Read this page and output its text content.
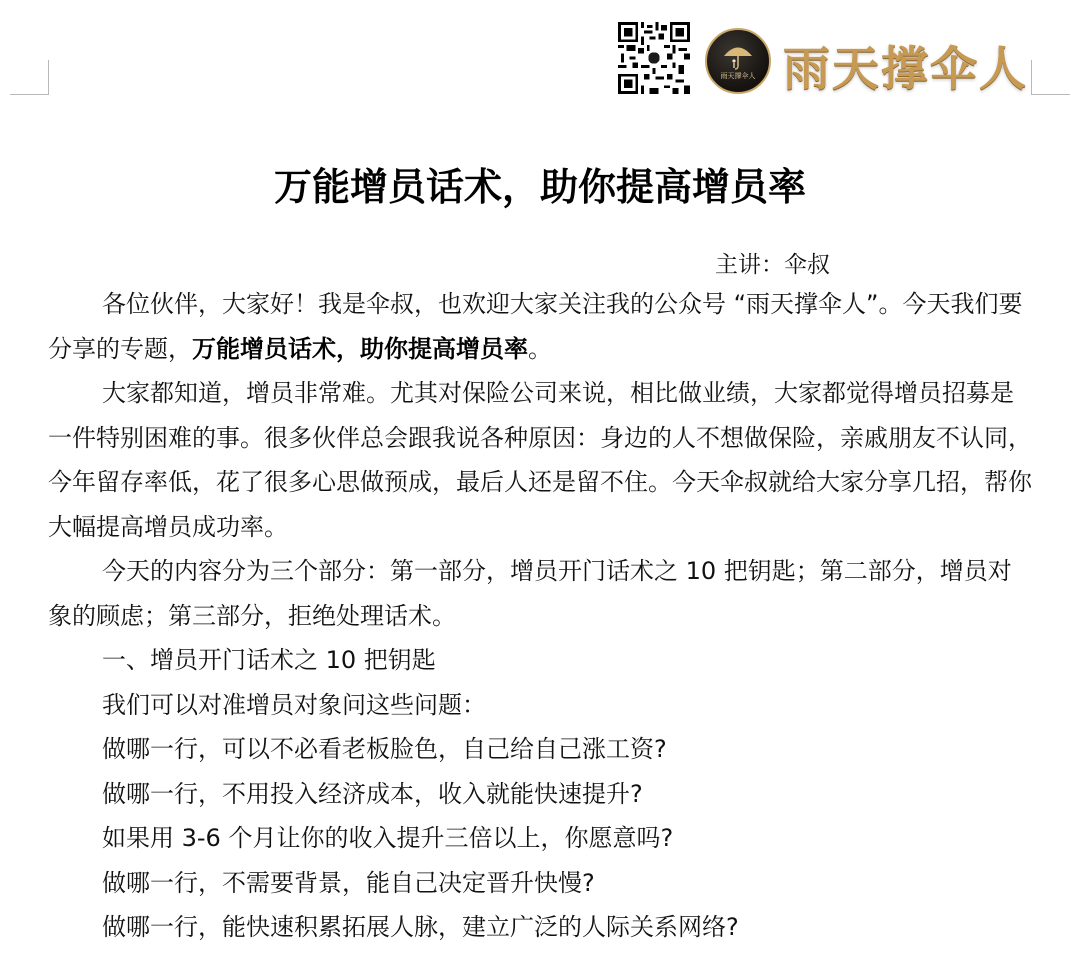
雨天撑伞人 雨天撑伞人
万能增员话术，助你提高增员率
主讲：伞叔

各位伙伴，大家好！我是伞叔，也欢迎大家关注我的公众号 “雨天撑伞人”。今天我们要分享的专题，万能增员话术，助你提高增员率。

大家都知道，增员非常难。尤其对保险公司来说，相比做业绩，大家都觉得增员招募是一件特别困难的事。很多伙伴总会跟我说各种原因：身边的人不想做保险，亲戚朋友不认同，今年留存率低，花了很多心思做预成，最后人还是留不住。今天伞叔就给大家分享几招，帮你大幅提高增员成功率。

今天的内容分为三个部分：第一部分，增员开门话术之 10 把钥匙；第二部分，增员对象的顾虑；第三部分，拒绝处理话术。

一、增员开门话术之 10 把钥匙

我们可以对准增员对象问这些问题：

做哪一行，可以不必看老板脸色，自己给自己涨工资?

做哪一行，不用投入经济成本，收入就能快速提升?

如果用 3-6 个月让你的收入提升三倍以上，你愿意吗?

做哪一行，不需要背景，能自己决定晋升快慢?

做哪一行，能快速积累拓展人脉，建立广泛的人际关系网络?
